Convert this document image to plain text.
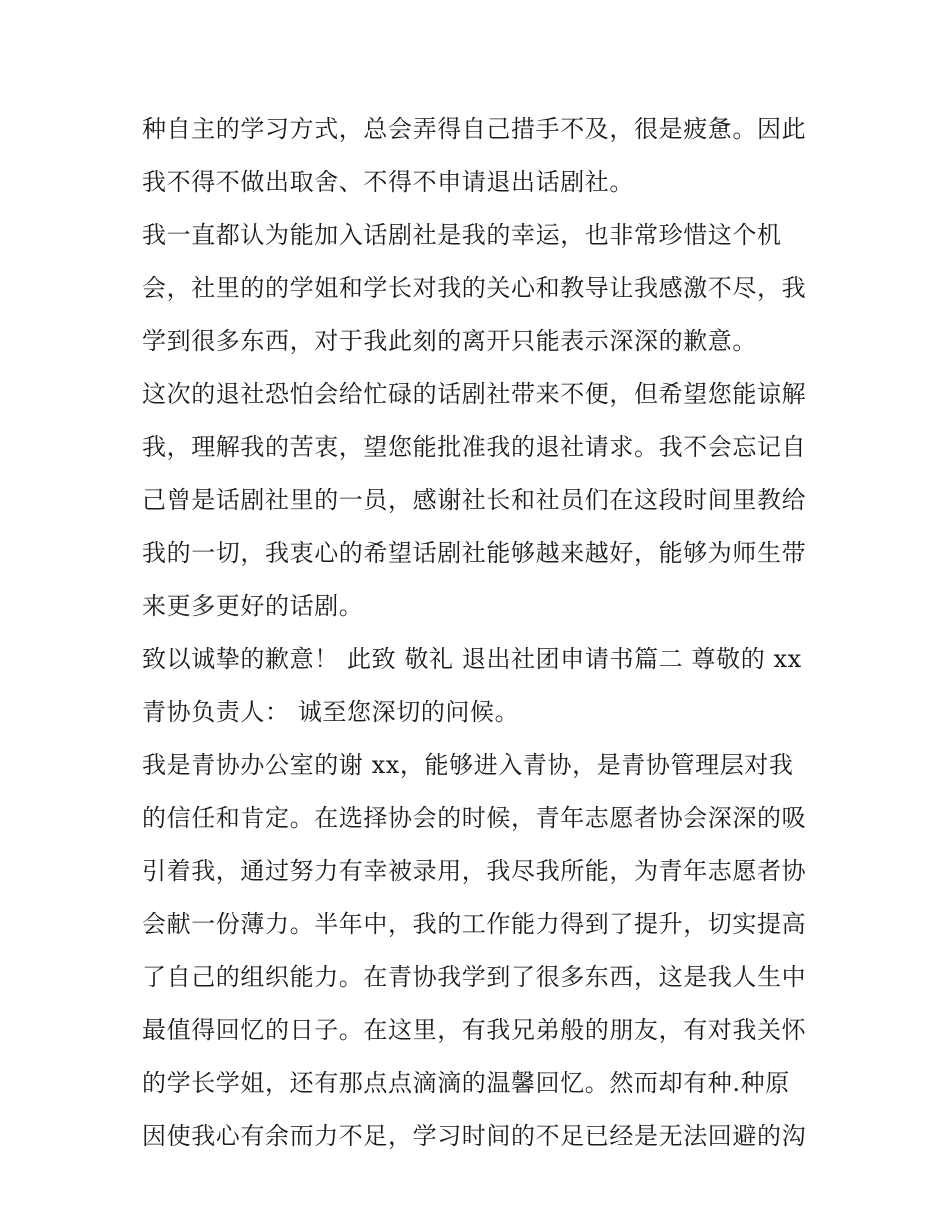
种自主的学习方式，总会弄得自己措手不及，很是疲惫。因此
我不得不做出取舍、不得不申请退出话剧社。
我一直都认为能加入话剧社是我的幸运，也非常珍惜这个机
会，社里的的学姐和学长对我的关心和教导让我感激不尽，我
学到很多东西，对于我此刻的离开只能表示深深的歉意。
这次的退社恐怕会给忙碌的话剧社带来不便，但希望您能谅解
我，理解我的苦衷，望您能批准我的退社请求。我不会忘记自
己曾是话剧社里的一员，感谢社长和社员们在这段时间里教给
我的一切，我衷心的希望话剧社能够越来越好，能够为师生带
来更多更好的话剧。
致以诚挚的歉意！ 此致 敬礼 退出社团申请书篇二 尊敬的 xx
青协负责人： 诚至您深切的问候。
我是青协办公室的谢 xx，能够进入青协，是青协管理层对我
的信任和肯定。在选择协会的时候，青年志愿者协会深深的吸
引着我，通过努力有幸被录用，我尽我所能，为青年志愿者协
会献一份薄力。半年中，我的工作能力得到了提升，切实提高
了自己的组织能力。在青协我学到了很多东西，这是我人生中
最值得回忆的日子。在这里，有我兄弟般的朋友，有对我关怀
的学长学姐，还有那点点滴滴的温馨回忆。然而却有种.种原
因使我心有余而力不足，学习时间的不足已经是无法回避的沟
